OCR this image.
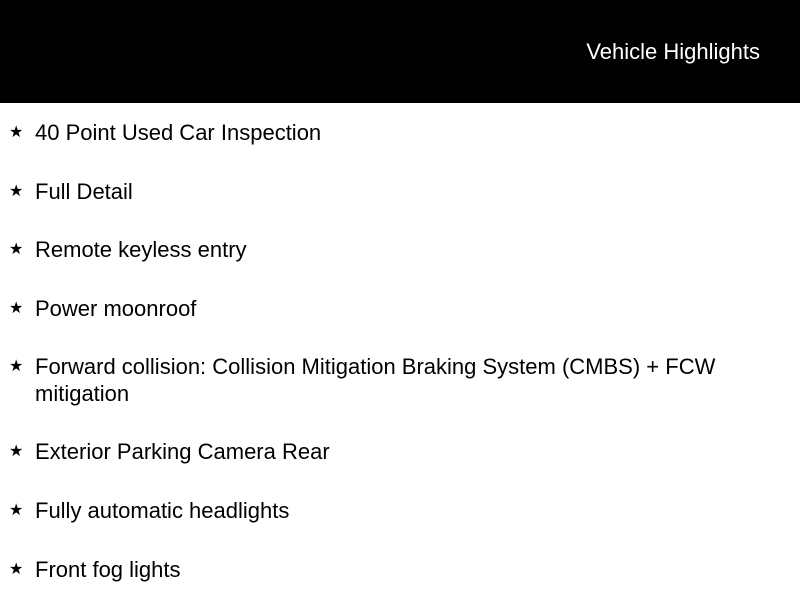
Vehicle Highlights
★ 40 Point Used Car Inspection
★ Full Detail
★ Remote keyless entry
★ Power moonroof
★ Forward collision: Collision Mitigation Braking System (CMBS) + FCW mitigation
★ Exterior Parking Camera Rear
★ Fully automatic headlights
★ Front fog lights
